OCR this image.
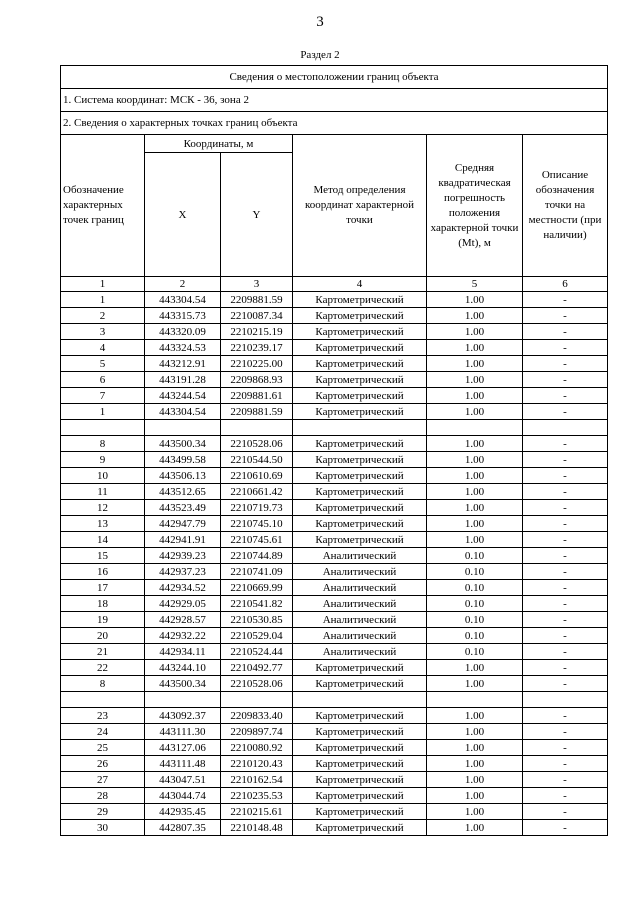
3
Раздел 2
Сведения о местоположении границ объекта					
1. Система координат: МСК - 36, зона 2					
2. Сведения о характерных точках границ объекта					
Обозначение характерных точек границ	Координаты, м		Метод определения координат характерной точки	Средняя квадратическая погрешность положения характерной точки (Mt), м	Описание обозначения точки на местности (при наличии)
	X	Y			
1	2	3	4	5	6
1	443304.54	2209881.59	Картометрический	1.00	-
2	443315.73	2210087.34	Картометрический	1.00	-
3	443320.09	2210215.19	Картометрический	1.00	-
4	443324.53	2210239.17	Картометрический	1.00	-
5	443212.91	2210225.00	Картометрический	1.00	-
6	443191.28	2209868.93	Картометрический	1.00	-
7	443244.54	2209881.61	Картометрический	1.00	-
1	443304.54	2209881.59	Картометрический	1.00	-

8	443500.34	2210528.06	Картометрический	1.00	-
9	443499.58	2210544.50	Картометрический	1.00	-
10	443506.13	2210610.69	Картометрический	1.00	-
11	443512.65	2210661.42	Картометрический	1.00	-
12	443523.49	2210719.73	Картометрический	1.00	-
13	442947.79	2210745.10	Картометрический	1.00	-
14	442941.91	2210745.61	Картометрический	1.00	-
15	442939.23	2210744.89	Аналитический	0.10	-
16	442937.23	2210741.09	Аналитический	0.10	-
17	442934.52	2210669.99	Аналитический	0.10	-
18	442929.05	2210541.82	Аналитический	0.10	-
19	442928.57	2210530.85	Аналитический	0.10	-
20	442932.22	2210529.04	Аналитический	0.10	-
21	442934.11	2210524.44	Аналитический	0.10	-
22	443244.10	2210492.77	Картометрический	1.00	-
8	443500.34	2210528.06	Картометрический	1.00	-

23	443092.37	2209833.40	Картометрический	1.00	-
24	443111.30	2209897.74	Картометрический	1.00	-
25	443127.06	2210080.92	Картометрический	1.00	-
26	443111.48	2210120.43	Картометрический	1.00	-
27	443047.51	2210162.54	Картометрический	1.00	-
28	443044.74	2210235.53	Картометрический	1.00	-
29	442935.45	2210215.61	Картометрический	1.00	-
30	442807.35	2210148.48	Картометрический	1.00	-
